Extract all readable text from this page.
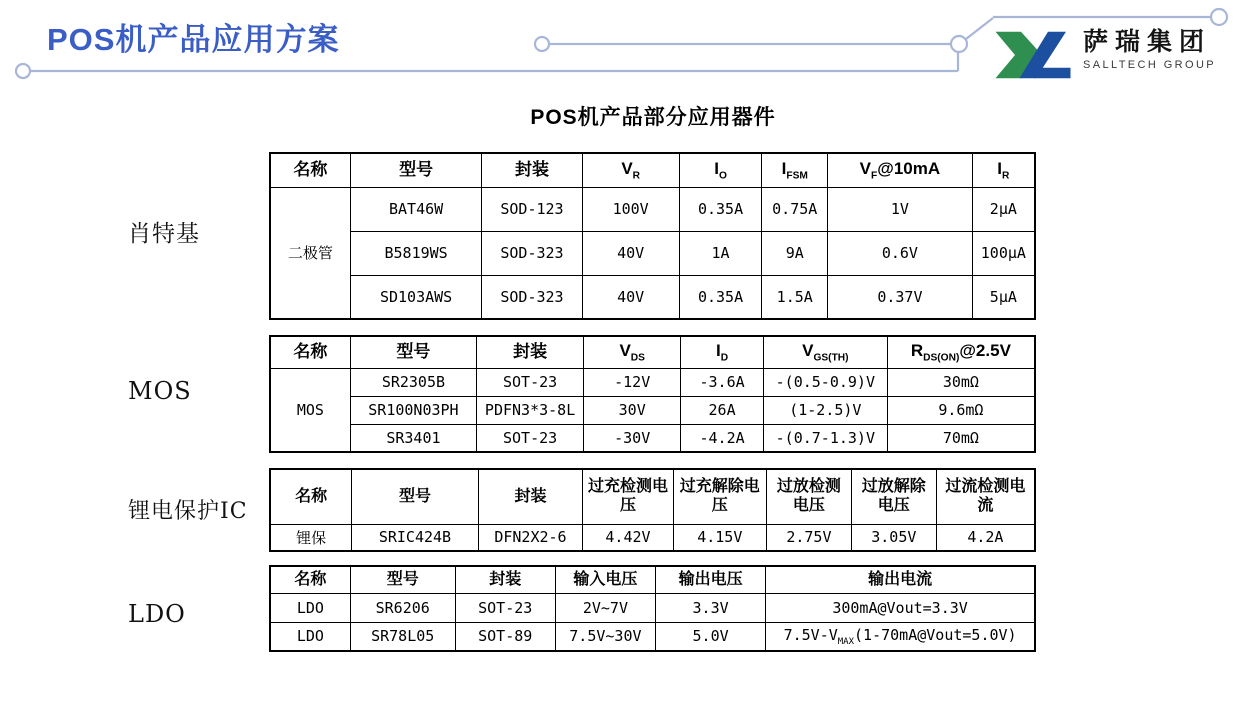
POS机产品应用方案	萨瑞集团
SALLTECH GROUP
POS机产品部分应用器件
肖特基
MOS
锂电保护IC
LDO
名称	型号	封装	$V_R$	$I_O$	$I_{FSM}$	$V_F@10mA$	$I_R$
二极管	BAT46W	SOD-123	100V	0.35A	0.75A	1V	2μA
	B5819WS	SOD-323	40V	1A	9A	0.6V	100μA
	SD103AWS	SOD-323	40V	0.35A	1.5A	0.37V	5μA
名称	型号	封装	$V_{DS}$	$I_D$	$V_{GS(TH)}$	$R_{DS(ON)}@2.5V$
MOS	SR2305B	SOT-23	-12V	-3.6A	-(0.5-0.9)V	30mΩ
	SR100N03PH	PDFN3*3-8L	30V	26A	(1-2.5)V	9.6mΩ
	SR3401	SOT-23	-30V	-4.2A	-(0.7-1.3)V	70mΩ
名称	型号	封装	过充检测电压	过充解除电压	过放检测电压	过放解除电压	过流检测电流
锂保	SRIC424B	DFN2X2-6	4.42V	4.15V	2.75V	3.05V	4.2A
名称	型号	封装	输入电压	输出电压	输出电流
LDO	SR6206	SOT-23	2V~7V	3.3V	300mA@Vout=3.3V
LDO	SR78L05	SOT-89	7.5V~30V	5.0V	$7.5V-V_{MAX}(1-70mA@Vout=5.0V)$
